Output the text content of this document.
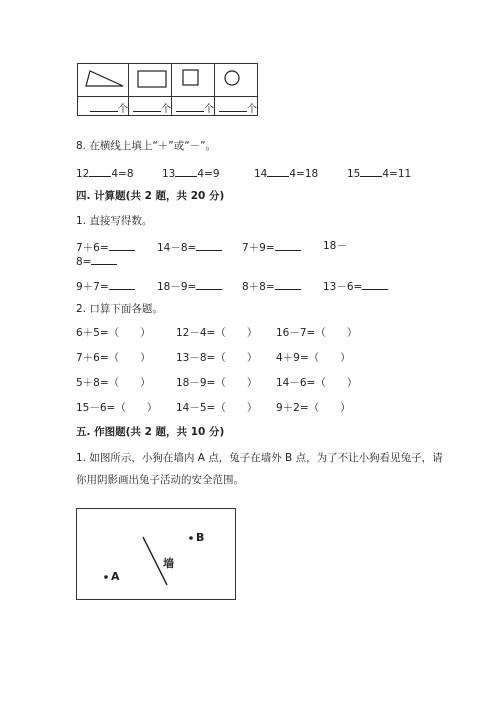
个	个	个	个
8. 在横线上填上“＋”或“－”。
12 4=8	13 4=9	14 4=18	15 4=11
四. 计算题(共 2 题，共 20 分)
1. 直接写得数。
7＋6=	14－8=	7＋9=	18－
8=
9＋7=	18－9=	8＋8=	13－6=
2. 口算下面各题。
6＋5=（　　） 12－4=（　　） 16－7=（　　）
7＋6=（　　） 13－8=（　　） 4＋9=（　　）
5＋8=（　　） 18－9=（　　） 14－6=（　　）
15－6=（　　） 14－5=（　　） 9＋2=（　　）
五. 作图题(共 2 题，共 10 分)
1. 如图所示，小狗在墙内 A 点，兔子在墙外 B 点，为了不让小狗看见兔子，请
你用阴影画出兔子活动的安全范围。
B
A
墙
